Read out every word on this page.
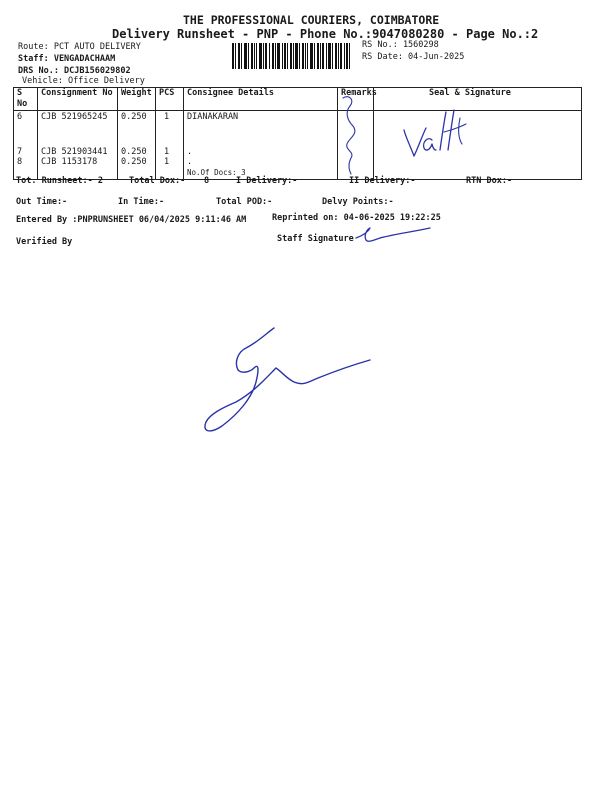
THE PROFESSIONAL COURIERS, COIMBATORE
Delivery Runsheet - PNP - Phone No.:9047080280 - Page No.:2
Route: PCT AUTO DELIVERY
Staff: VENGADACHAAM
DRS No.: DCJB156029802
Vehicle: Office Delivery
RS No.: 1560298
RS Date: 04-Jun-2025
S No	Consignment No	Weight	PCS	Consignee Details	Remarks	Seal & Signature
6	CJB 521965245	0.250	1	DIANAKARAN		

7	CJB 521903441	0.250	1	.		
8	CJB 1153178	0.250	1	.		
				No.Of Docs: 3		
Tot. Runsheet:- 2	Total Dox:- 8	I Delivery:-	II Delivery:-	RTN Dox:-
Out Time:-	In Time:-	Total POD:-	Delvy Points:-
Entered By :PNPRUNSHEET 06/04/2025 9:11:46 AM	Reprinted on: 04-06-2025 19:22:25
Verified By	Staff Signature
